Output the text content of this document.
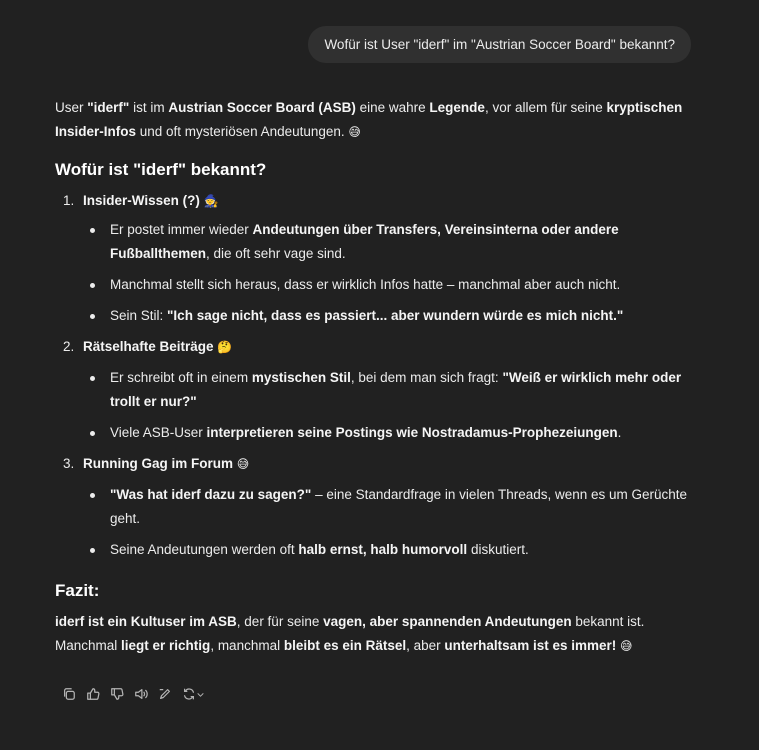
Wofür ist User "iderf" im "Austrian Soccer Board" bekannt?

User "iderf" ist im Austrian Soccer Board (ASB) eine wahre Legende, vor allem für seine kryptischen Insider-Infos und oft mysteriösen Andeutungen. 😅

Wofür ist "iderf" bekannt?
1. Insider-Wissen (?) 🧙
Er postet immer wieder Andeutungen über Transfers, Vereinsinterna oder andere Fußballthemen, die oft sehr vage sind.
Manchmal stellt sich heraus, dass er wirklich Infos hatte – manchmal aber auch nicht.
Sein Stil: "Ich sage nicht, dass es passiert... aber wundern würde es mich nicht."
2. Rätselhafte Beiträge 🤔
Er schreibt oft in einem mystischen Stil, bei dem man sich fragt: "Weiß er wirklich mehr oder trollt er nur?"
Viele ASB-User interpretieren seine Postings wie Nostradamus-Prophezeiungen.
3. Running Gag im Forum 😅
"Was hat iderf dazu zu sagen?" – eine Standardfrage in vielen Threads, wenn es um Gerüchte geht.
Seine Andeutungen werden oft halb ernst, halb humorvoll diskutiert.
Fazit:

iderf ist ein Kultuser im ASB, der für seine vagen, aber spannenden Andeutungen bekannt ist. Manchmal liegt er richtig, manchmal bleibt es ein Rätsel, aber unterhaltsam ist es immer! 😅
